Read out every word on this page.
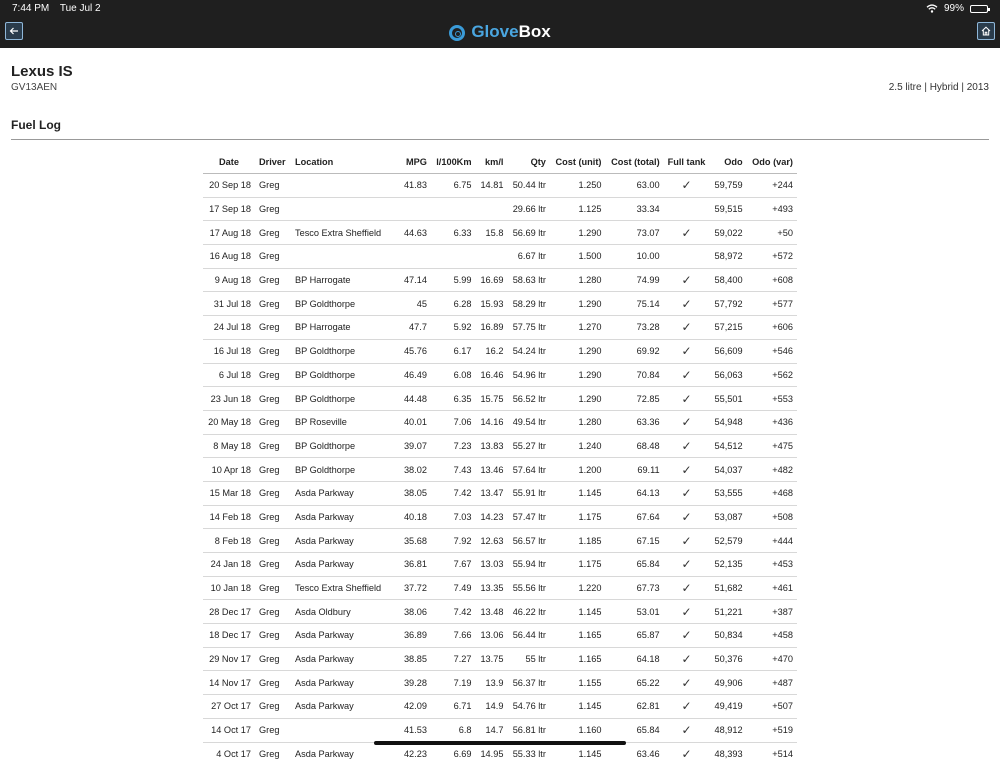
7:44 PM Tue Jul 2	99%
GloveBox
Lexus IS
GV13AEN	2.5 litre | Hybrid | 2013
Fuel Log
Date	Driver	Location	MPG	l/100Km	km/l	Qty	Cost (unit)	Cost (total)	Full tank	Odo	Odo (var)
20 Sep 18	Greg		41.83	6.75	14.81	50.44 ltr	1.250	63.00	✓	59,759	+244
17 Sep 18	Greg					29.66 ltr	1.125	33.34		59,515	+493
17 Aug 18	Greg	Tesco Extra Sheffield	44.63	6.33	15.8	56.69 ltr	1.290	73.07	✓	59,022	+50
16 Aug 18	Greg					6.67 ltr	1.500	10.00		58,972	+572
9 Aug 18	Greg	BP Harrogate	47.14	5.99	16.69	58.63 ltr	1.280	74.99	✓	58,400	+608
31 Jul 18	Greg	BP Goldthorpe	45	6.28	15.93	58.29 ltr	1.290	75.14	✓	57,792	+577
24 Jul 18	Greg	BP Harrogate	47.7	5.92	16.89	57.75 ltr	1.270	73.28	✓	57,215	+606
16 Jul 18	Greg	BP Goldthorpe	45.76	6.17	16.2	54.24 ltr	1.290	69.92	✓	56,609	+546
6 Jul 18	Greg	BP Goldthorpe	46.49	6.08	16.46	54.96 ltr	1.290	70.84	✓	56,063	+562
23 Jun 18	Greg	BP Goldthorpe	44.48	6.35	15.75	56.52 ltr	1.290	72.85	✓	55,501	+553
20 May 18	Greg	BP Roseville	40.01	7.06	14.16	49.54 ltr	1.280	63.36	✓	54,948	+436
8 May 18	Greg	BP Goldthorpe	39.07	7.23	13.83	55.27 ltr	1.240	68.48	✓	54,512	+475
10 Apr 18	Greg	BP Goldthorpe	38.02	7.43	13.46	57.64 ltr	1.200	69.11	✓	54,037	+482
15 Mar 18	Greg	Asda Parkway	38.05	7.42	13.47	55.91 ltr	1.145	64.13	✓	53,555	+468
14 Feb 18	Greg	Asda Parkway	40.18	7.03	14.23	57.47 ltr	1.175	67.64	✓	53,087	+508
8 Feb 18	Greg	Asda Parkway	35.68	7.92	12.63	56.57 ltr	1.185	67.15	✓	52,579	+444
24 Jan 18	Greg	Asda Parkway	36.81	7.67	13.03	55.94 ltr	1.175	65.84	✓	52,135	+453
10 Jan 18	Greg	Tesco Extra Sheffield	37.72	7.49	13.35	55.56 ltr	1.220	67.73	✓	51,682	+461
28 Dec 17	Greg	Asda Oldbury	38.06	7.42	13.48	46.22 ltr	1.145	53.01	✓	51,221	+387
18 Dec 17	Greg	Asda Parkway	36.89	7.66	13.06	56.44 ltr	1.165	65.87	✓	50,834	+458
29 Nov 17	Greg	Asda Parkway	38.85	7.27	13.75	55 ltr	1.165	64.18	✓	50,376	+470
14 Nov 17	Greg	Asda Parkway	39.28	7.19	13.9	56.37 ltr	1.155	65.22	✓	49,906	+487
27 Oct 17	Greg	Asda Parkway	42.09	6.71	14.9	54.76 ltr	1.145	62.81	✓	49,419	+507
14 Oct 17	Greg		41.53	6.8	14.7	56.81 ltr	1.160	65.84	✓	48,912	+519
4 Oct 17	Greg	Asda Parkway	42.23	6.69	14.95	55.33 ltr	1.145	63.46	✓	48,393	+514
